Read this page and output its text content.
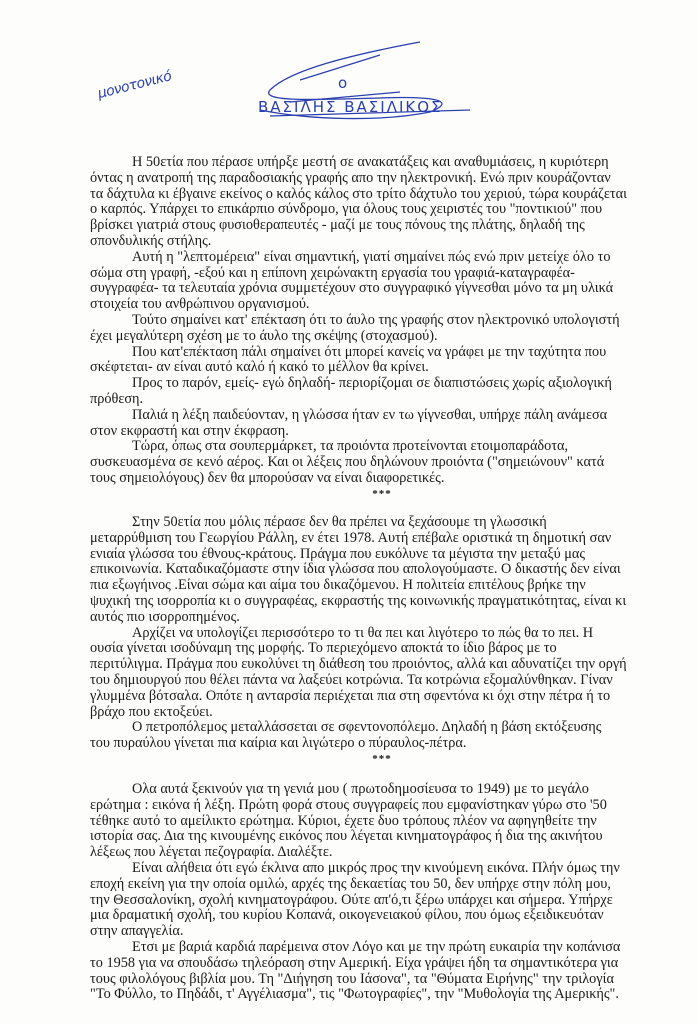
μονοτονικό	ο
ΒΑΣΙΛΗΣ ΒΑΣΙΛΙΚΟΣ
Η 50ετία που πέρασε υπήρξε μεστή σε ανακατάξεις και αναθυμιάσεις, η κυριότερη
όντας η ανατροπή της παραδοσιακής γραφής απο την ηλεκτρονική. Ενώ πριν κουράζονταν
τα δάχτυλα κι έβγαινε εκείνος ο καλός κάλος στο τρίτο δάχτυλο του χεριού, τώρα κουράζεται
ο καρπός. Υπάρχει το επικάρπιο σύνδρομο, για όλους τους χειριστές του "ποντικιού" που
βρίσκει γιατριά στους φυσιοθεραπευτές - μαζί με τους πόνους της πλάτης, δηλαδή της
σπονδυλικής στήλης.
Αυτή η "λεπτομέρεια" είναι σημαντική, γιατί σημαίνει πώς ενώ πριν μετείχε όλο το
σώμα στη γραφή, -εξού και η επίπονη χειρώνακτη εργασία του γραφιά-καταγραφέα-
συγγραφέα- τα τελευταία χρόνια συμμετέχουν στο συγγραφικό γίγνεσθαι μόνο τα μη υλικά
στοιχεία του ανθρώπινου οργανισμού.
Τούτο σημαίνει κατ' επέκταση ότι το άυλο της γραφής στον ηλεκτρονικό υπολογιστή
έχει μεγαλύτερη σχέση με το άυλο της σκέψης (στοχασμού).
Που κατ'επέκταση πάλι σημαίνει ότι μπορεί κανείς να γράφει με την ταχύτητα που
σκέφτεται- αν είναι αυτό καλό ή κακό το μέλλον θα κρίνει.
Προς το παρόν, εμείς- εγώ δηλαδή- περιορίζομαι σε διαπιστώσεις χωρίς αξιολογική
πρόθεση.
Παλιά η λέξη παιδεύονταν, η γλώσσα ήταν εν τω γίγνεσθαι, υπήρχε πάλη ανάμεσα
στον εκφραστή και στην έκφραση.
Τώρα, όπως στα σουπερμάρκετ, τα προιόντα προτείνονται ετοιμοπαράδοτα,
συσκευασμένα σε κενό αέρος. Και οι λέξεις που δηλώνουν προιόντα ("σημειώνουν" κατά
τους σημειολόγους) δεν θα μπορούσαν να είναι διαφορετικές.
***
Στην 50ετία που μόλις πέρασε δεν θα πρέπει να ξεχάσουμε τη γλωσσική
μεταρρύθμιση του Γεωργίου Ράλλη, εν έτει 1978. Αυτή επέβαλε οριστικά τη δημοτική σαν
ενιαία γλώσσα του έθνους-κράτους. Πράγμα που ευκόλυνε τα μέγιστα την μεταξύ μας
επικοινωνία. Καταδικαζόμαστε στην ίδια γλώσσα που απολογούμαστε. Ο δικαστής δεν είναι
πια εξωγήινος .Είναι σώμα και αίμα του δικαζόμενου. Η πολιτεία επιτέλους βρήκε την
ψυχική της ισορροπία κι ο συγγραφέας, εκφραστής της κοινωνικής πραγματικότητας, είναι κι
αυτός πιο ισορροπημένος.
Αρχίζει να υπολογίζει περισσότερο το τι θα πει και λιγότερο το πώς θα το πει. Η
ουσία γίνεται ισοδύναμη της μορφής. Το περιεχόμενο αποκτά το ίδιο βάρος με το
περιτύλιγμα. Πράγμα που ευκολύνει τη διάθεση του προιόντος, αλλά και αδυνατίζει την οργή
του δημιουργού που θέλει πάντα να λαξεύει κοτρώνια. Τα κοτρώνια εξομαλύνθηκαν. Γίναν
γλυμμένα βότσαλα. Οπότε η ανταρσία περιέχεται πια στη σφεντόνα κι όχι στην πέτρα ή το
βράχο που εκτοξεύει.
Ο πετροπόλεμος μεταλλάσσεται σε σφεντονοπόλεμο. Δηλαδή η βάση εκτόξευσης
του πυραύλου γίνεται πια καίρια και λιγώτερο ο πύραυλος-πέτρα.
***
Ολα αυτά ξεκινούν για τη γενιά μου ( πρωτοδημοσίευσα το 1949) με το μεγάλο
ερώτημα : εικόνα ή λέξη. Πρώτη φορά στους συγγραφείς που εμφανίστηκαν γύρω στο '50
τέθηκε αυτό το αμείλικτο ερώτημα. Κύριοι, έχετε δυο τρόπους πλέον να αφηγηθείτε την
ιστορία σας. Δια της κινουμένης εικόνος που λέγεται κινηματογράφος ή δια της ακινήτου
λέξεως που λέγεται πεζογραφία. Διαλέξτε.
Είναι αλήθεια ότι εγώ έκλινα απο μικρός προς την κινούμενη εικόνα. Πλήν όμως την
εποχή εκείνη για την οποία ομιλώ, αρχές της δεκαετίας του 50, δεν υπήρχε στην πόλη μου,
την Θεσσαλονίκη, σχολή κινηματογράφου. Ούτε απ'ό,τι ξέρω υπάρχει και σήμερα. Υπήρχε
μια δραματική σχολή, του κυρίου Κοπανά, οικογενειακού φίλου, που όμως εξειδικευόταν
στην απαγγελία.
Ετσι με βαριά καρδιά παρέμεινα στον Λόγο και με την πρώτη ευκαιρία την κοπάνισα
το 1958 για να σπουδάσω τηλεόραση στην Αμερική. Είχα γράψει ήδη τα σημαντικότερα για
τους φιλολόγους βιβλία μου. Τη "Διήγηση του Ιάσονα", τα "Θύματα Ειρήνης" την τριλογία
"Το Φύλλο, το Πηδάδι, τ' Αγγέλιασμα", τις "Φωτογραφίες", την "Μυθολογία της Αμερικής".
